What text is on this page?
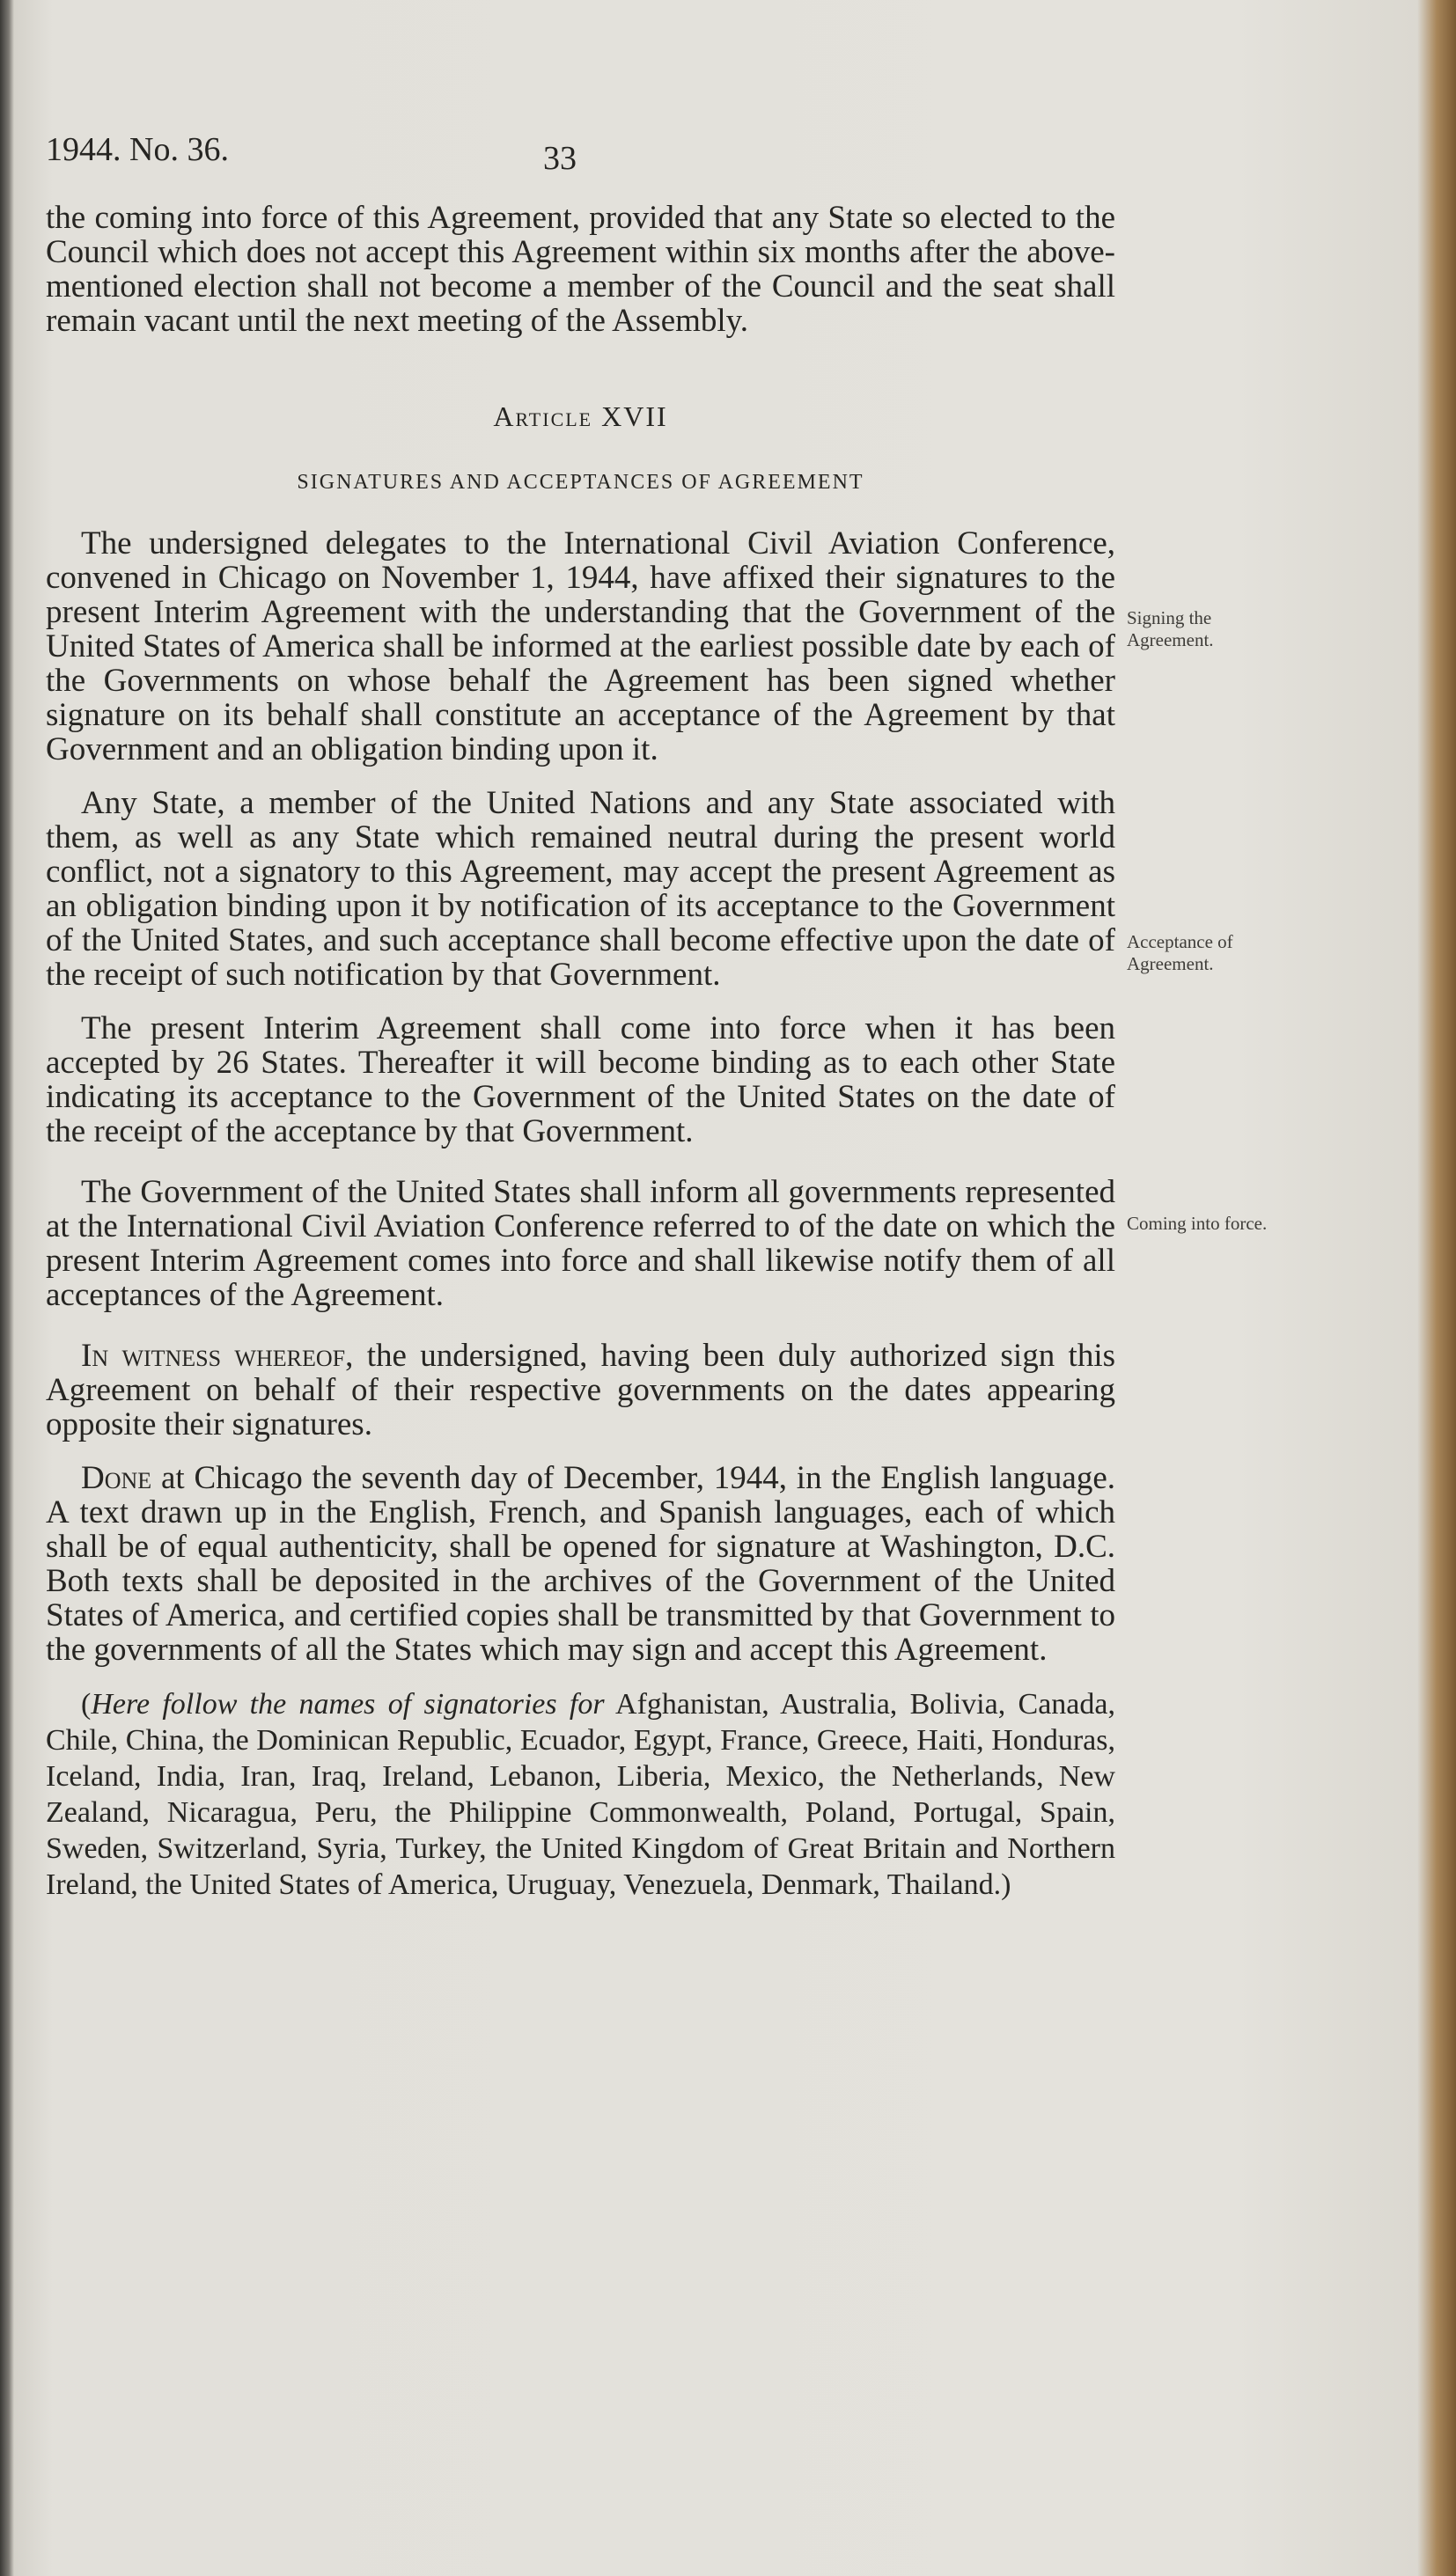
1944. No. 36.	33

the coming into force of this Agreement, provided that any State so elected to the Council which does not accept this Agreement within six months after the above-mentioned election shall not become a member of the Council and the seat shall remain vacant until the next meeting of the Assembly.

Article XVII
SIGNATURES AND ACCEPTANCES OF AGREEMENT

The undersigned delegates to the International Civil Aviation Conference, convened in Chicago on November 1, 1944, have affixed their signatures to the present Interim Agreement with the understanding that the Government of the United States of America shall be informed at the earliest possible date by each of the Governments on whose behalf the Agreement has been signed whether signature on its behalf shall constitute an acceptance of the Agreement by that Government and an obligation binding upon it.

Any State, a member of the United Nations and any State associated with them, as well as any State which remained neutral during the present world conflict, not a signatory to this Agreement, may accept the present Agreement as an obligation binding upon it by notification of its acceptance to the Government of the United States, and such acceptance shall become effective upon the date of the receipt of such notification by that Government.

The present Interim Agreement shall come into force when it has been accepted by 26 States. Thereafter it will become binding as to each other State indicating its acceptance to the Government of the United States on the date of the receipt of the acceptance by that Government.

The Government of the United States shall inform all governments represented at the International Civil Aviation Conference referred to of the date on which the present Interim Agreement comes into force and shall likewise notify them of all acceptances of the Agreement.

In witness whereof, the undersigned, having been duly authorized sign this Agreement on behalf of their respective governments on the dates appearing opposite their signatures.

Done at Chicago the seventh day of December, 1944, in the English language. A text drawn up in the English, French, and Spanish languages, each of which shall be of equal authenticity, shall be opened for signature at Washington, D.C. Both texts shall be deposited in the archives of the Government of the United States of America, and certified copies shall be transmitted by that Government to the governments of all the States which may sign and accept this Agreement.

(Here follow the names of signatories for Afghanistan, Australia, Bolivia, Canada, Chile, China, the Dominican Republic, Ecuador, Egypt, France, Greece, Haiti, Honduras, Iceland, India, Iran, Iraq, Ireland, Lebanon, Liberia, Mexico, the Netherlands, New Zealand, Nicaragua, Peru, the Philippine Commonwealth, Poland, Portugal, Spain, Sweden, Switzerland, Syria, Turkey, the United Kingdom of Great Britain and Northern Ireland, the United States of America, Uruguay, Venezuela, Denmark, Thailand.)

Signing the Agreement.
Acceptance of Agreement.
Coming into force.
